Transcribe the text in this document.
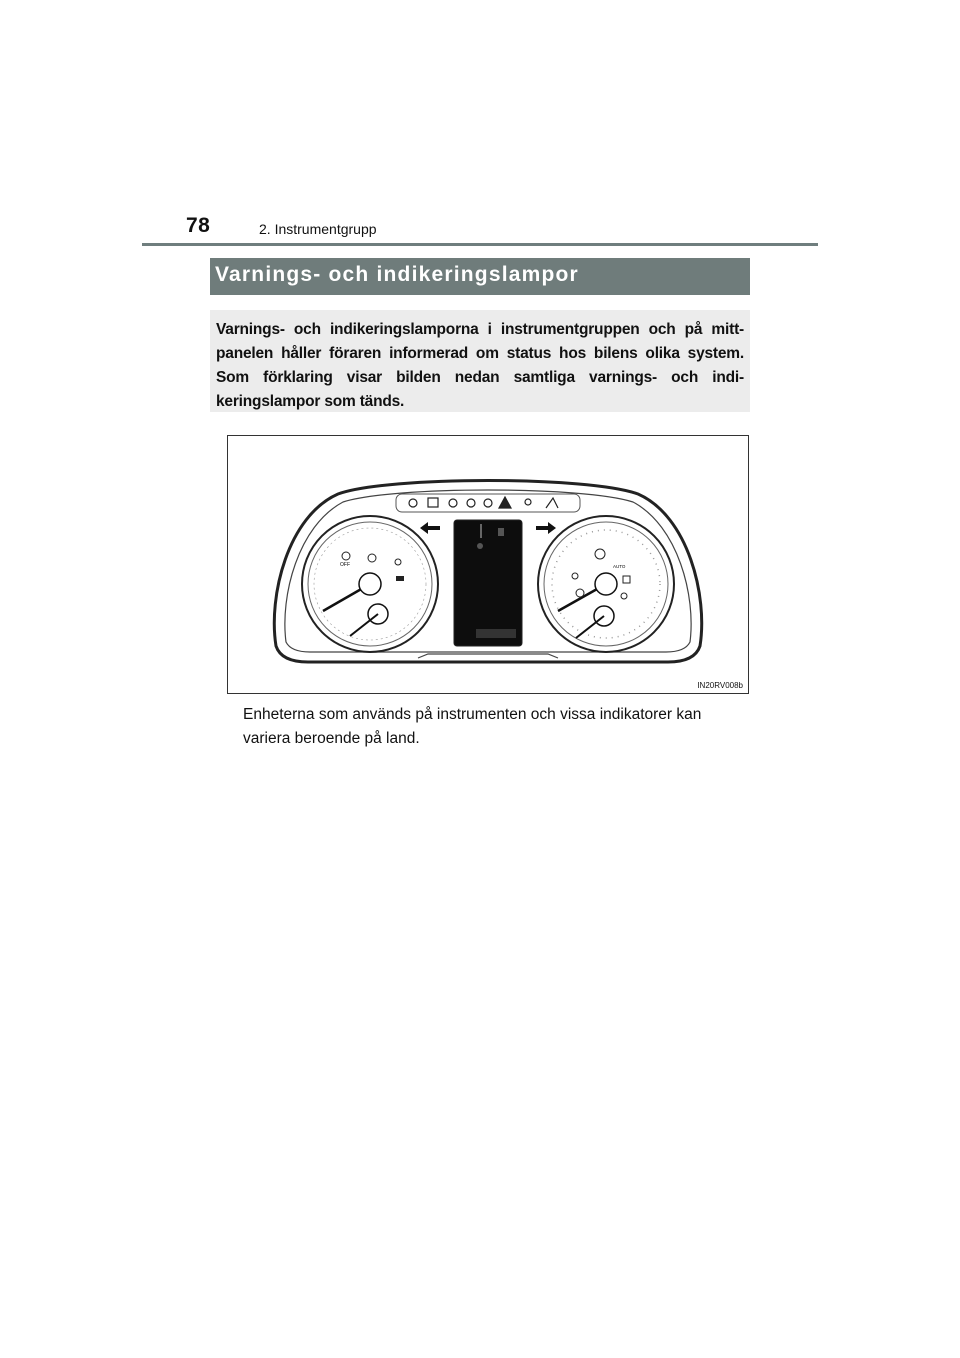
78	2. Instrumentgrupp
Varnings- och indikeringslampor
Varnings- och indikeringslamporna i instrumentgruppen och på mitt-panelen håller föraren informerad om status hos bilens olika system. Som förklaring visar bilden nedan samtliga varnings- och indi-keringslampor som tänds.
OFF	AUTO
IN20RV008b
Enheterna som används på instrumenten och vissa indikatorer kan variera beroende på land.
